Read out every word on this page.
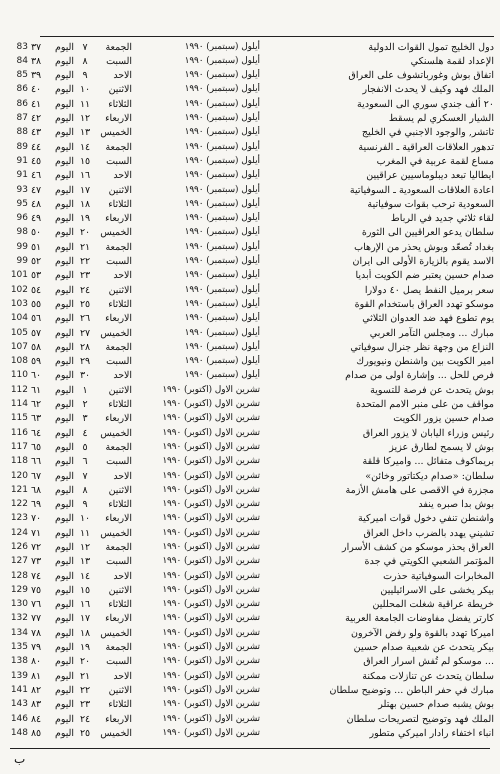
83	٣٧	اليوم	٧	الجمعة	أيلول (سبتمبر) ١٩٩٠	دول الخليج تمول القوات الدولية
84	٣٨	اليوم	٨	السبت	أيلول (سبتمبر) ١٩٩٠	الإعداد لقمة هلسنكي
85	٣٩	اليوم	٩	الاحد	أيلول (سبتمبر) ١٩٩٠	اتفاق بوش وغورباتشوف على العراق
86	٤٠	اليوم	١٠	الاثنين	أيلول (سبتمبر) ١٩٩٠	الملك فهد وكيف لا يحدث الانفجار
86	٤١	اليوم	١١	الثلاثاء	أيلول (سبتمبر) ١٩٩٠	٢٠ ألف جندي سوري الى السعودية
87	٤٢	اليوم	١٢	الاربعاء	أيلول (سبتمبر) ١٩٩٠	الشيار العسكري لم يسقط
88	٤٣	اليوم	١٣	الخميس	أيلول (سبتمبر) ١٩٩٠	ثاتشر, والوجود الاجنبي في الخليج
89	٤٤	اليوم	١٤	الجمعة	أيلول (سبتمبر) ١٩٩٠	تدهور العلاقات العراقية ـ الفرنسية
91	٤٥	اليوم	١٥	السبت	أيلول (سبتمبر) ١٩٩٠	مساع لقمة عربية في المغرب
91	٤٦	اليوم	١٦	الاحد	أيلول (سبتمبر) ١٩٩٠	ايطاليا تبعد ديبلوماسيين عراقيين
93	٤٧	اليوم	١٧	الاثنين	أيلول (سبتمبر) ١٩٩٠	اعادة العلاقات السعودية ـ السوفياتية
95	٤٨	اليوم	١٨	الثلاثاء	أيلول (سبتمبر) ١٩٩٠	السعودية ترحب بقوات سوفياتية
96	٤٩	اليوم	١٩	الاربعاء	أيلول (سبتمبر) ١٩٩٠	لقاء ثلاثي جديد في الرباط
98	٥٠	اليوم	٢٠	الخميس	أيلول (سبتمبر) ١٩٩٠	سلطان يدعو العراقيين الى الثورة
99	٥١	اليوم	٢١	الجمعة	أيلول (سبتمبر) ١٩٩٠	بغداد تُصعّد وبوش يحذر من الإرهاب
99	٥٢	اليوم	٢٢	السبت	أيلول (سبتمبر) ١٩٩٠	الاسد يقوم بالزيارة الأولى الى ايران
101	٥٣	اليوم	٢٣	الاحد	أيلول (سبتمبر) ١٩٩٠	صدام حسين يعتبر ضم الكويت أبديا
102	٥٤	اليوم	٢٤	الاثنين	أيلول (سبتمبر) ١٩٩٠	سعر برميل النفط يصل ٤٠ دولارا
103	٥٥	اليوم	٢٥	الثلاثاء	أيلول (سبتمبر) ١٩٩٠	موسكو تهدد العراق باستخدام القوة
104	٥٦	اليوم	٢٦	الاربعاء	أيلول (سبتمبر) ١٩٩٠	يوم تطوع فهد ضد العدوان الثلاثي
105	٥٧	اليوم	٢٧	الخميس	أيلول (سبتمبر) ١٩٩٠	مبارك ... ومجلس التآمر العربي
107	٥٨	اليوم	٢٨	الجمعة	أيلول (سبتمبر) ١٩٩٠	النزاع من وجهة نظر جنرال سوفياتي
108	٥٩	اليوم	٢٩	السبت	أيلول (سبتمبر) ١٩٩٠	امير الكويت بين واشنطن ونيويورك
110	٦٠	اليوم	٣٠	الاحد	أيلول (سبتمبر) ١٩٩٠	فرص للحل ... وإشارة اولى من صدام
112	٦١	اليوم	١	الاثنين	تشرين الاول (اكتوبر) ١٩٩٠	بوش يتحدث عن فرصة للتسوية
114	٦٢	اليوم	٢	الثلاثاء	تشرين الاول (اكتوبر) ١٩٩٠	مواقف من على منبر الامم المتحدة
115	٦٣	اليوم	٣	الاربعاء	تشرين الاول (اكتوبر) ١٩٩٠	صدام حسين يزور الكويت
116	٦٤	اليوم	٤	الخميس	تشرين الاول (اكتوبر) ١٩٩٠	رئيس وزراء اليابان لا يزور العراق
117	٦٥	اليوم	٥	الجمعة	تشرين الاول (اكتوبر) ١٩٩٠	بوش لا يسمح لطارق عزيز
118	٦٦	اليوم	٦	السبت	تشرين الاول (اكتوبر) ١٩٩٠	بريماكوف متفائل ... واميركا قلقة
120	٦٧	اليوم	٧	الاحد	تشرين الاول (اكتوبر) ١٩٩٠	سلطان: «صدام ديكتاتور وخائن»
121	٦٨	اليوم	٨	الاثنين	تشرين الاول (اكتوبر) ١٩٩٠	مجزرة في الاقصى على هامش الأزمة
122	٦٩	اليوم	٩	الثلاثاء	تشرين الاول (اكتوبر) ١٩٩٠	بوش بدا صبره ينفد
123	٧٠	اليوم	١٠	الاربعاء	تشرين الاول (اكتوبر) ١٩٩٠	واشنطن تنفي دخول قوات اميركية
124	٧١	اليوم	١١	الخميس	تشرين الاول (اكتوبر) ١٩٩٠	تشيني يهدد بالضرب داخل العراق
126	٧٢	اليوم	١٢	الجمعة	تشرين الاول (اكتوبر) ١٩٩٠	العراق يحذر موسكو من كشف الأسرار
127	٧٣	اليوم	١٣	السبت	تشرين الاول (اكتوبر) ١٩٩٠	المؤتمر الشعبي الكويتي في جدة
128	٧٤	اليوم	١٤	الاحد	تشرين الاول (اكتوبر) ١٩٩٠	المخابرات السوفياتية حذرت
129	٧٥	اليوم	١٥	الاثنين	تشرين الاول (اكتوبر) ١٩٩٠	بيكر يخشى على الاسرائيليين
130	٧٦	اليوم	١٦	الثلاثاء	تشرين الاول (اكتوبر) ١٩٩٠	خريطة عراقية شغلت المحللين
132	٧٧	اليوم	١٧	الاربعاء	تشرين الاول (اكتوبر) ١٩٩٠	كارتر يفضل مفاوضات الجامعة العربية
134	٧٨	اليوم	١٨	الخميس	تشرين الاول (اكتوبر) ١٩٩٠	اميركا تهدد بالقوة ولو رفض الآخرون
135	٧٩	اليوم	١٩	الجمعة	تشرين الاول (اكتوبر) ١٩٩٠	بيكر يتحدث عن شعبية صدام حسين
138	٨٠	اليوم	٢٠	السبت	تشرين الاول (اكتوبر) ١٩٩٠	... موسكو لم تُفش اسرار العراق
139	٨١	اليوم	٢١	الاحد	تشرين الاول (اكتوبر) ١٩٩٠	سلطان يتحدث عن تنازلات ممكنة
141	٨٢	اليوم	٢٢	الاثنين	تشرين الاول (اكتوبر) ١٩٩٠	مبارك في حفر الباطن ... وتوضيح سلطان
143	٨٣	اليوم	٢٣	الثلاثاء	تشرين الاول (اكتوبر) ١٩٩٠	بوش يشبه صدام حسين بهتلر
146	٨٤	اليوم	٢٤	الاربعاء	تشرين الاول (اكتوبر) ١٩٩٠	الملك فهد وتوضيح لتصريحات سلطان
148	٨٥	اليوم	٢٥	الخميس	تشرين الاول (اكتوبر) ١٩٩٠	انباء اختفاء رادار اميركي متطور
ب
